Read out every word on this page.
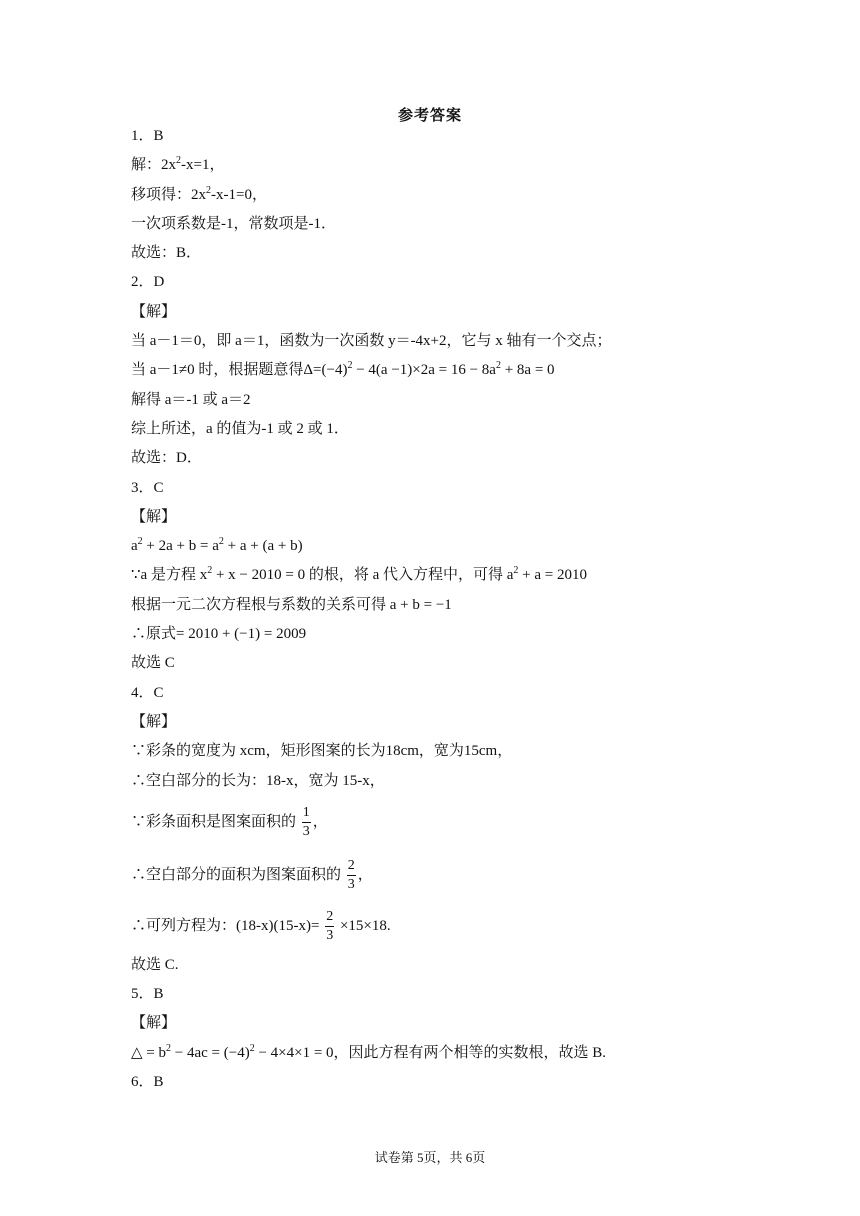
参考答案
1．B
解：$2x^2-x=1$，
移项得：$2x^2-x-1=0$，
一次项系数是-1，常数项是-1．
故选：B．
2．D
【解】
当 a－1＝0，即 a＝1，函数为一次函数 y＝-4x+2，它与 x 轴有一个交点；
当 a－1≠0 时，根据题意得$\Delta=(-4)^2 - 4(a -1)\times 2a = 16 - 8a^2 + 8a = 0$
解得 a＝-1 或 a＝2
综上所述，a 的值为-1 或 2 或 1．
故选：D．
3．C
【解】
$a^2 + 2a + b = a^2 + a + (a + b)$
∵a 是方程 $x^2 + x - 2010 = 0$ 的根，将 a 代入方程中，可得 $a^2 + a = 2010$
根据一元二次方程根与系数的关系可得 a + b = −1
∴原式= 2010 + (−1) = 2009
故选 C
4．C
【解】
∵彩条的宽度为 xcm，矩形图案的长为18cm，宽为15cm，
∴空白部分的长为：18-x，宽为 15-x，
∵彩条面积是图案面积的 $\frac{1}{3}$ ，
∴空白部分的面积为图案面积的 $\frac{2}{3}$ ，
∴可列方程为：$(18-x)(15-x)= \frac{2}{3} \times 15\times 18$.
故选 C.
5．B
【解】
△ = $b^2 - 4ac = (-4)^2 - 4\times 4\times 1 = 0$，因此方程有两个相等的实数根，故选 B.
6．B
试卷第 5页，共 6页
